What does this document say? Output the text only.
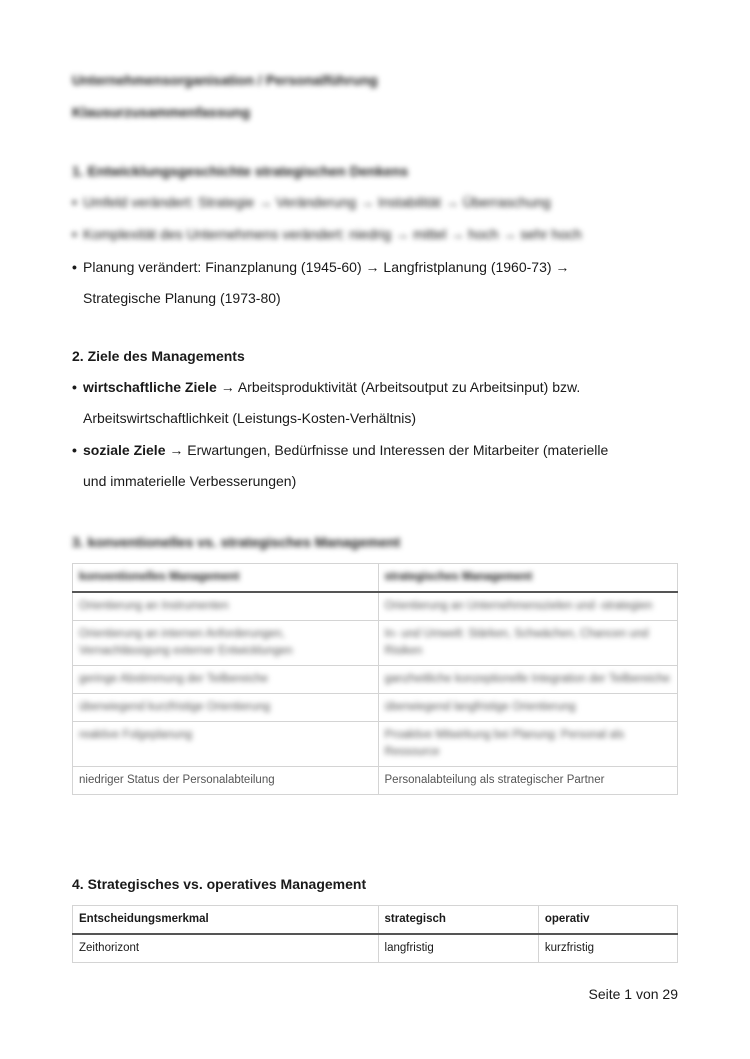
Unternehmensorganisation / Personalführung
Klausurzusammenfassung
1. Entwicklungsgeschichte strategischen Denkens
• Umfeld verändert: Strategie → Veränderung → Instabilität → Überraschung
• Komplexität des Unternehmens verändert: niedrig → mittel → hoch → sehr hoch
• Planung verändert: Finanzplanung (1945-60) → Langfristplanung (1960-73) →
Strategische Planung (1973-80)
2. Ziele des Managements
• wirtschaftliche Ziele → Arbeitsproduktivität (Arbeitsoutput zu Arbeitsinput) bzw.
Arbeitswirtschaftlichkeit (Leistungs-Kosten-Verhältnis)
• soziale Ziele → Erwartungen, Bedürfnisse und Interessen der Mitarbeiter (materielle
und immaterielle Verbesserungen)
3. konventionelles vs. strategisches Management
konventionelles Management	strategisches Management
Orientierung an Instrumenten	Orientierung an Unternehmenszielen und -strategien
Orientierung an internen Anforderungen, Vernachlässigung externer Entwicklungen	In- und Umwelt: Stärken, Schwächen, Chancen und Risiken
geringe Abstimmung der Teilbereiche	ganzheitliche konzeptionelle Integration der Teilbereiche
überwiegend kurzfristige Orientierung	überwiegend langfristige Orientierung
reaktive Folgeplanung	Proaktive Mitwirkung bei Planung: Personal als Ressource
niedriger Status der Personalabteilung	Personalabteilung als strategischer Partner
4. Strategisches vs. operatives Management
Entscheidungsmerkmal	strategisch	operativ
Zeithorizont	langfristig	kurzfristig
Seite 1 von 29
